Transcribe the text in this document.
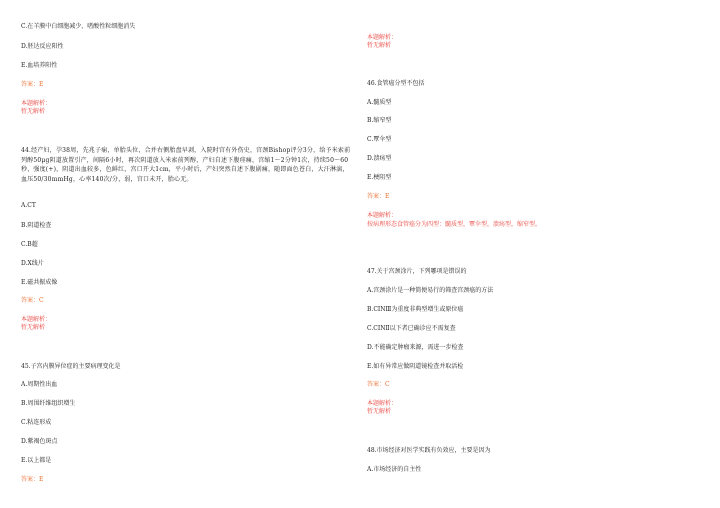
C.在羊膜中白细胞减少、嗜酸性粒细胞消失
D.胚达反应阳性
E.血培养阳性
答案：E
本题解析：
暂无解析
44.经产妇，孕38周，先兆子痫，单胎头位，合并右侧胎盘早剥，入院时宫有外伤史，宫颈Bishop评分3分，给予米索前列醇50μg阴道放置引产，间隔6小时，再次阴道放入米索前列醇，产妇自述下腹痉痛，宫缩1～2分钟1次，持续50～60秒，强度(+)，阴道出血较多，色鲜红，宫口开大1cm，平小时后，产妇突然自述下腹剧痛，随即面色苍白，大汗淋漓，血压50/30mmHg，心率140次/分，弱，宫口未开，胎心无。
A.CT
B.阴道检查
C.B超
D.X线片
E.磁共振成像
答案：C
本题解析：
暂无解析
45.子宫内膜异位症的主要病理变化是
A.周期性出血
B.周围纤维组织增生
C.粘连形成
D.紫褐色斑点
E.以上都是
答案：E
本题解析：
暂无解析
46.食管癌分型不包括
A.髓质型
B.缩窄型
C.覃伞型
D.溃疡型
E.梗阻型
答案：E
本题解析：
按病理形态食管癌分为四型：髓质型，覃伞型，溃疡型，缩窄型。
47.关于宫颈涂片，下列哪项是错误的
A.宫颈涂片是一种简便易行的筛查宫颈癌的方法
B.CINⅢ为重度非典型增生或原位癌
C.CINⅡ以下者已确诊应不需复查
D.不能确定肿瘤来源，需进一步检查
E.如有异常应做阴道镜检查并取活检
答案：C
本题解析：
暂无解析
48.市场经济对医学实践有负效应，主要是因为
A.市场经济的自主性
